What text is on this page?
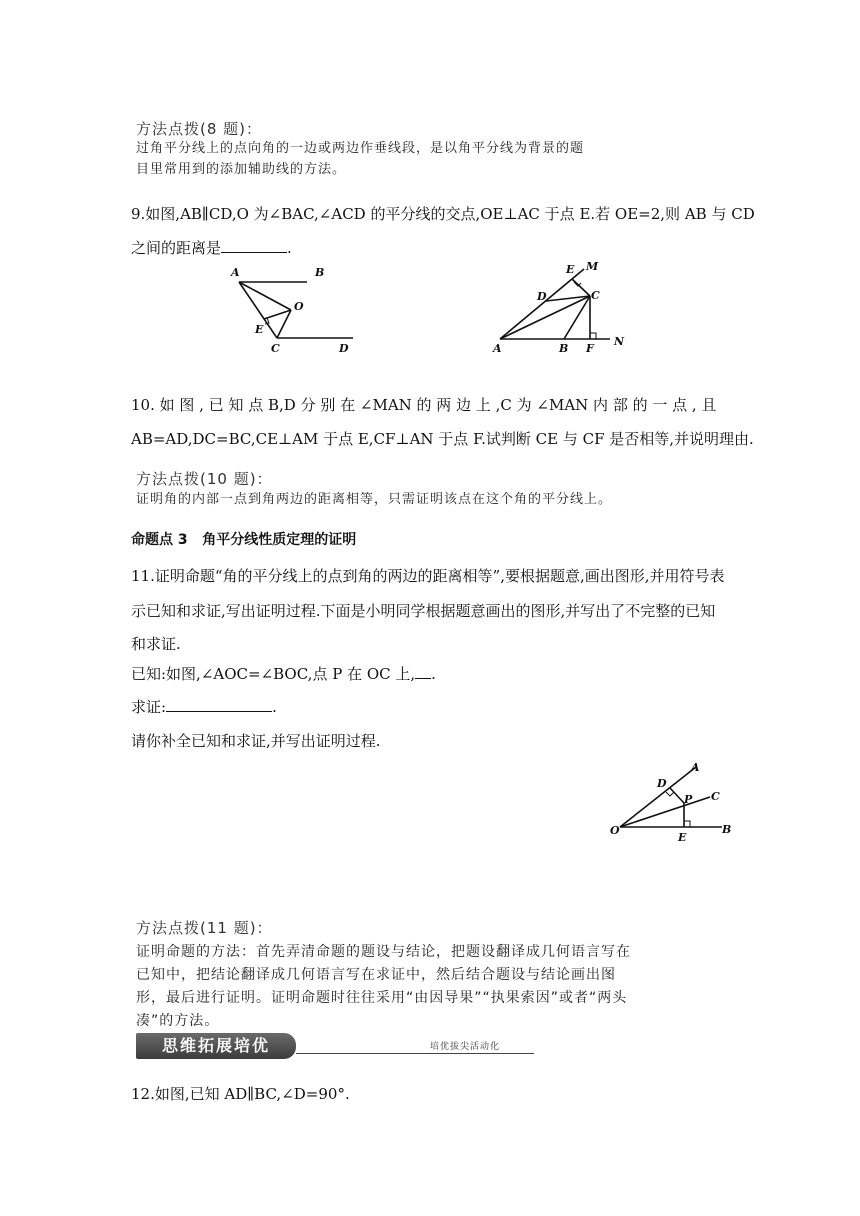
方法点拨(8 题)：
过角平分线上的点向角的一边或两边作垂线段，是以角平分线为背景的题
目里常用到的添加辅助线的方法。
9.如图,AB∥CD,O 为∠BAC,∠ACD 的平分线的交点,OE⊥AC 于点 E.若 OE=2,则 AB 与 CD
之间的距离是	.
A	B
O
E
C	D
E M
D	C
A	B F
N
10. 如 图 , 已 知 点 B,D 分 别 在 ∠MAN 的 两 边 上 ,C 为 ∠MAN 内 部 的 一 点 , 且
AB=AD,DC=BC,CE⊥AM 于点 E,CF⊥AN 于点 F.试判断 CE 与 CF 是否相等,并说明理由.
方法点拨(10 题)：
证明角的内部一点到角两边的距离相等，只需证明该点在这个角的平分线上。
命题点 3 角平分线性质定理的证明
11.证明命题“角的平分线上的点到角的两边的距离相等”,要根据题意,画出图形,并用符号表
示已知和求证,写出证明过程.下面是小明同学根据题意画出的图形,并写出了不完整的已知
和求证.
已知:如图,∠AOC=∠BOC,点 P 在 OC 上, .
求证:	.
请你补全已知和求证,并写出证明过程.
D
A
P C
O
E
B
方法点拨(11 题)：
证明命题的方法：首先弄清命题的题设与结论，把题设翻译成几何语言写在
已知中，把结论翻译成几何语言写在求证中，然后结合题设与结论画出图
形，最后进行证明。证明命题时往往采用“由因导果”“执果索因”或者“两头
凑”的方法。
思维拓展培优	培优拔尖活动化
12.如图,已知 AD∥BC,∠D=90°.
